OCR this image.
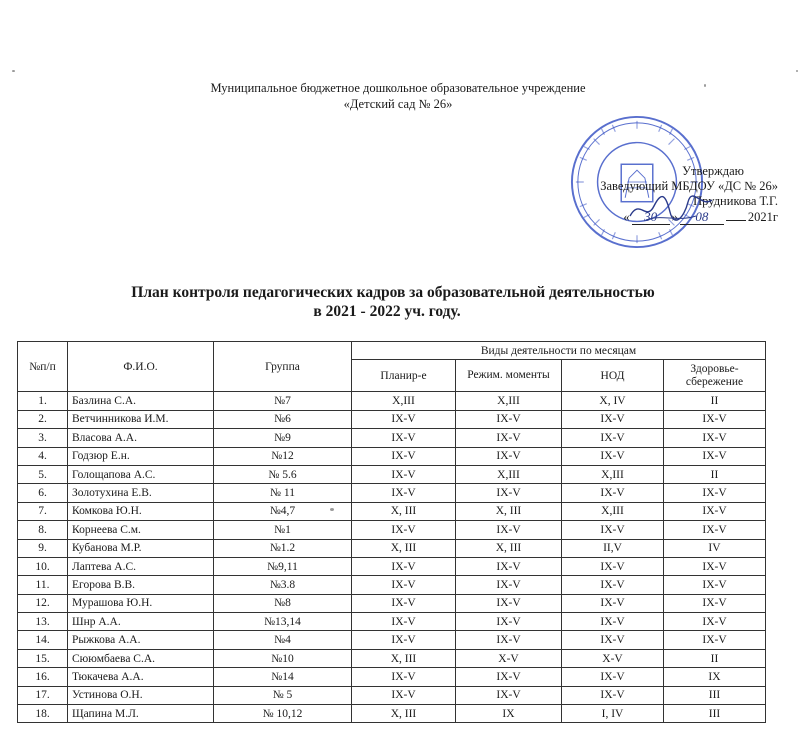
Муниципальное бюджетное дошкольное образовательное учреждение
«Детский сад № 26»
Утверждаю
Заведующий МБДОУ «ДС № 26»
Прудникова Т.Г.
«	30	»	08	2021г
План контроля педагогических кадров за образовательной деятельностью
в 2021 - 2022 уч. году.
№п/п	Ф.И.О.	Группа	Виды деятельности по месяцам			
			Планир-е	Режим. моменты	НОД	Здоровье-сбережение
1.	Базлина С.А.	№7	X,III	X,III	X, IV	II
2.	Ветчинникова И.М.	№6	IX-V	IX-V	IX-V	IX-V
3.	Власова А.А.	№9	IX-V	IX-V	IX-V	IX-V
4.	Годзюр Е.н.	№12	IX-V	IX-V	IX-V	IX-V
5.	Голощапова А.С.	№ 5.6	IX-V	X,III	X,III	II
6.	Золотухина Е.В.	№ 11	IX-V	IX-V	IX-V	IX-V
7.	Комкова Ю.Н.	№4,7	X, III	X, III	X,III	IX-V
8.	Корнеева С.м.	№1	IX-V	IX-V	IX-V	IX-V
9.	Кубанова М.Р.	№1.2	X, III	X, III	II,V	IV
10.	Лаптева А.С.	№9,11	IX-V	IX-V	IX-V	IX-V
11.	Егорова В.В.	№3.8	IX-V	IX-V	IX-V	IX-V
12.	Мурашова Ю.Н.	№8	IX-V	IX-V	IX-V	IX-V
13.	Шнр А.А.	№13,14	IX-V	IX-V	IX-V	IX-V
14.	Рыжкова А.А.	№4	IX-V	IX-V	IX-V	IX-V
15.	Сююмбаева С.А.	№10	X, III	X-V	X-V	II
16.	Тюкачева А.А.	№14	IX-V	IX-V	IX-V	IX
17.	Устинова О.Н.	№ 5	IX-V	IX-V	IX-V	III
18.	Щапина М.Л.	№ 10,12	X, III	IX	I, IV	III
